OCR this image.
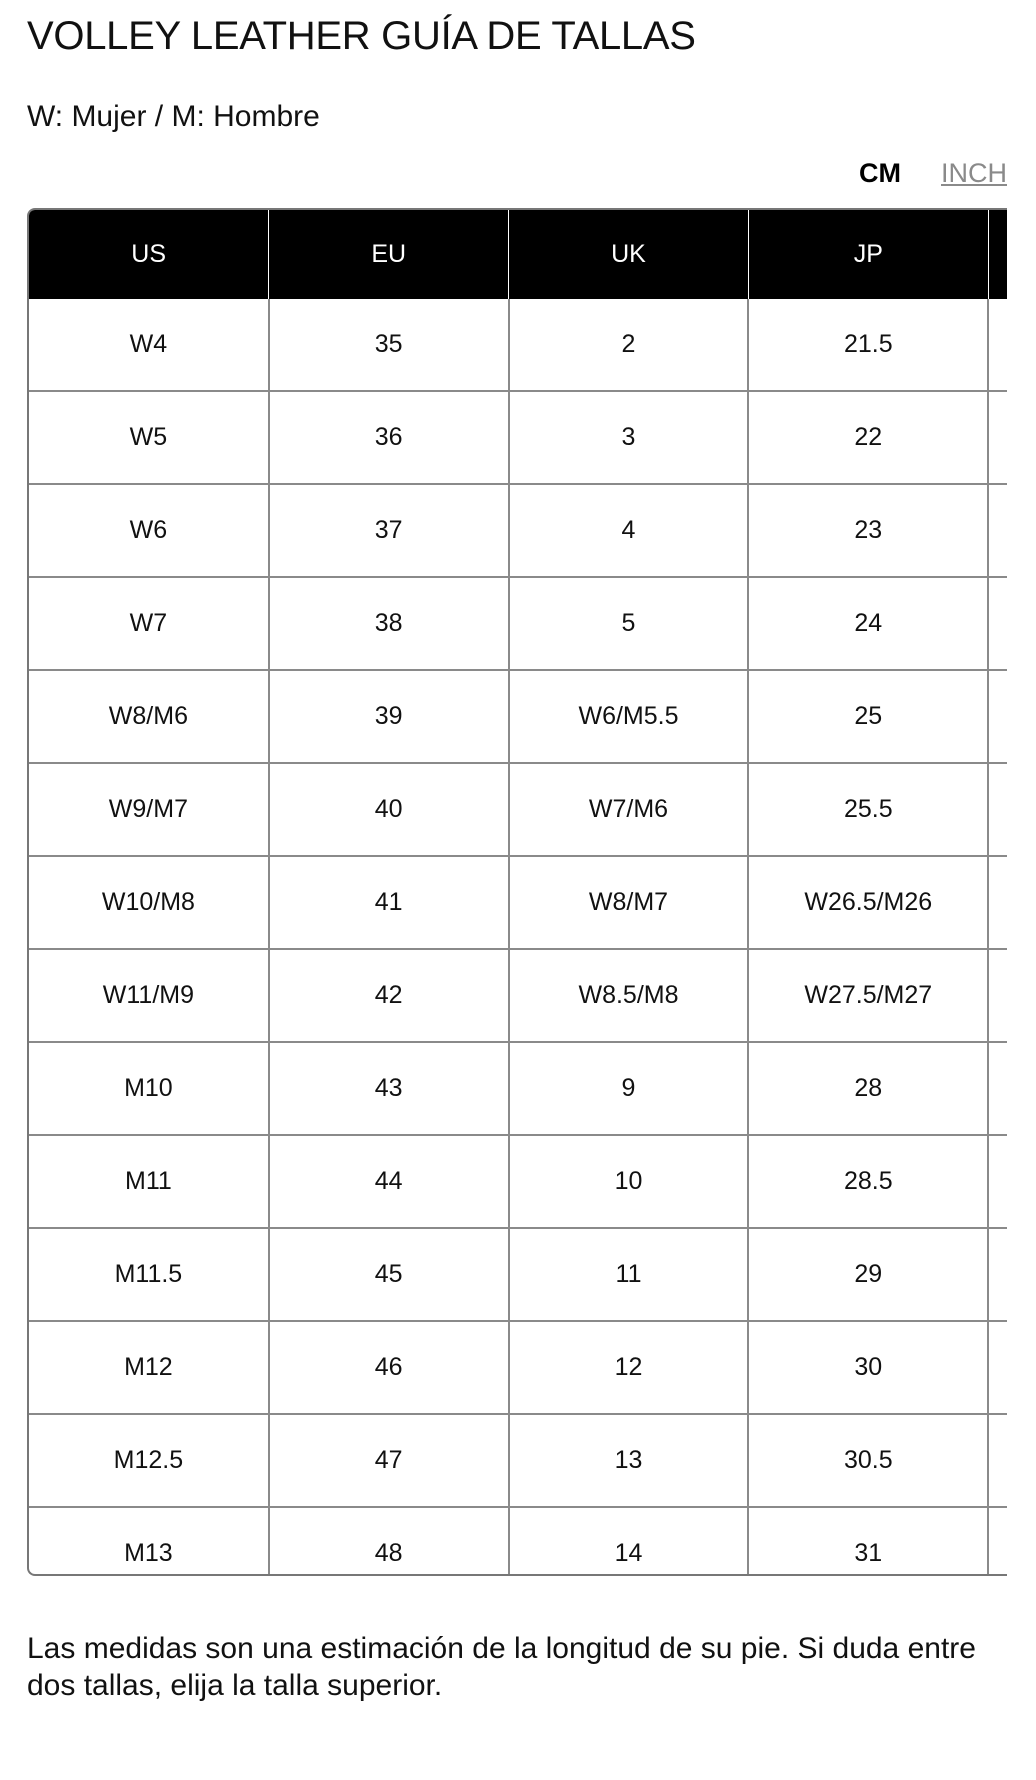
VOLLEY LEATHER GUÍA DE TALLAS

W: Mujer / M: Hombre

CM INCH
US	EU	UK	JP	
W4	35	2	21.5	
W5	36	3	22	
W6	37	4	23	
W7	38	5	24	
W8/M6	39	W6/M5.5	25	
W9/M7	40	W7/M6	25.5	
W10/M8	41	W8/M7	W26.5/M26	
W11/M9	42	W8.5/M8	W27.5/M27	
M10	43	9	28	
M11	44	10	28.5	
M11.5	45	11	29	
M12	46	12	30	
M12.5	47	13	30.5	
M13	48	14	31	

Las medidas son una estimación de la longitud de su pie. Si duda entre dos tallas, elija la talla superior.
